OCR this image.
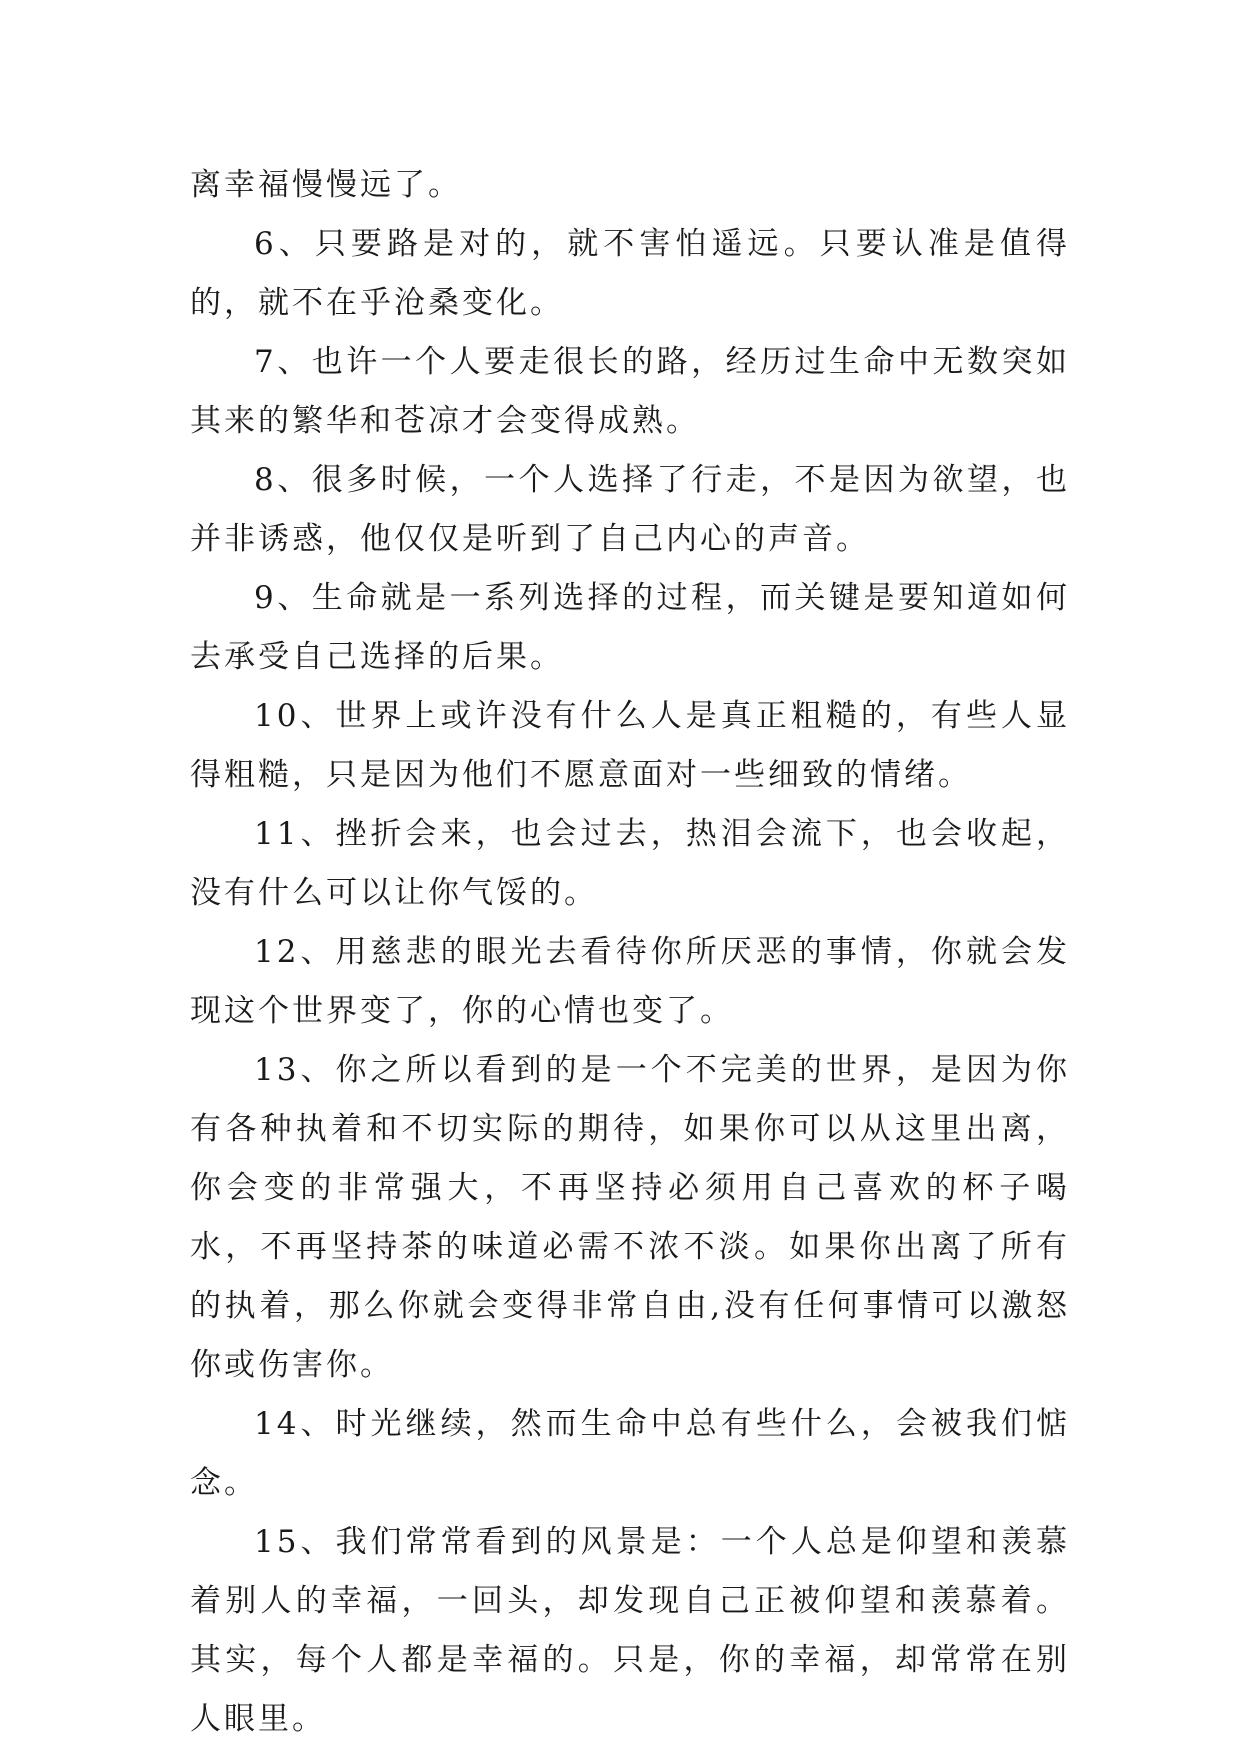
离幸福慢慢远了。

6、只要路是对的，就不害怕遥远。只要认准是值得的，就不在乎沧桑变化。

7、也许一个人要走很长的路，经历过生命中无数突如其来的繁华和苍凉才会变得成熟。

8、很多时候，一个人选择了行走，不是因为欲望，也并非诱惑，他仅仅是听到了自己内心的声音。

9、生命就是一系列选择的过程，而关键是要知道如何去承受自己选择的后果。

10、世界上或许没有什么人是真正粗糙的，有些人显得粗糙，只是因为他们不愿意面对一些细致的情绪。

11、挫折会来，也会过去，热泪会流下，也会收起，没有什么可以让你气馁的。

12、用慈悲的眼光去看待你所厌恶的事情，你就会发现这个世界变了，你的心情也变了。

13、你之所以看到的是一个不完美的世界，是因为你有各种执着和不切实际的期待，如果你可以从这里出离，你会变的非常强大，不再坚持必须用自己喜欢的杯子喝水，不再坚持茶的味道必需不浓不淡。如果你出离了所有的执着，那么你就会变得非常自由,没有任何事情可以激怒你或伤害你。

14、时光继续，然而生命中总有些什么，会被我们惦念。

15、我们常常看到的风景是：一个人总是仰望和羡慕着别人的幸福，一回头，却发现自己正被仰望和羡慕着。其实，每个人都是幸福的。只是，你的幸福，却常常在别人眼里。
